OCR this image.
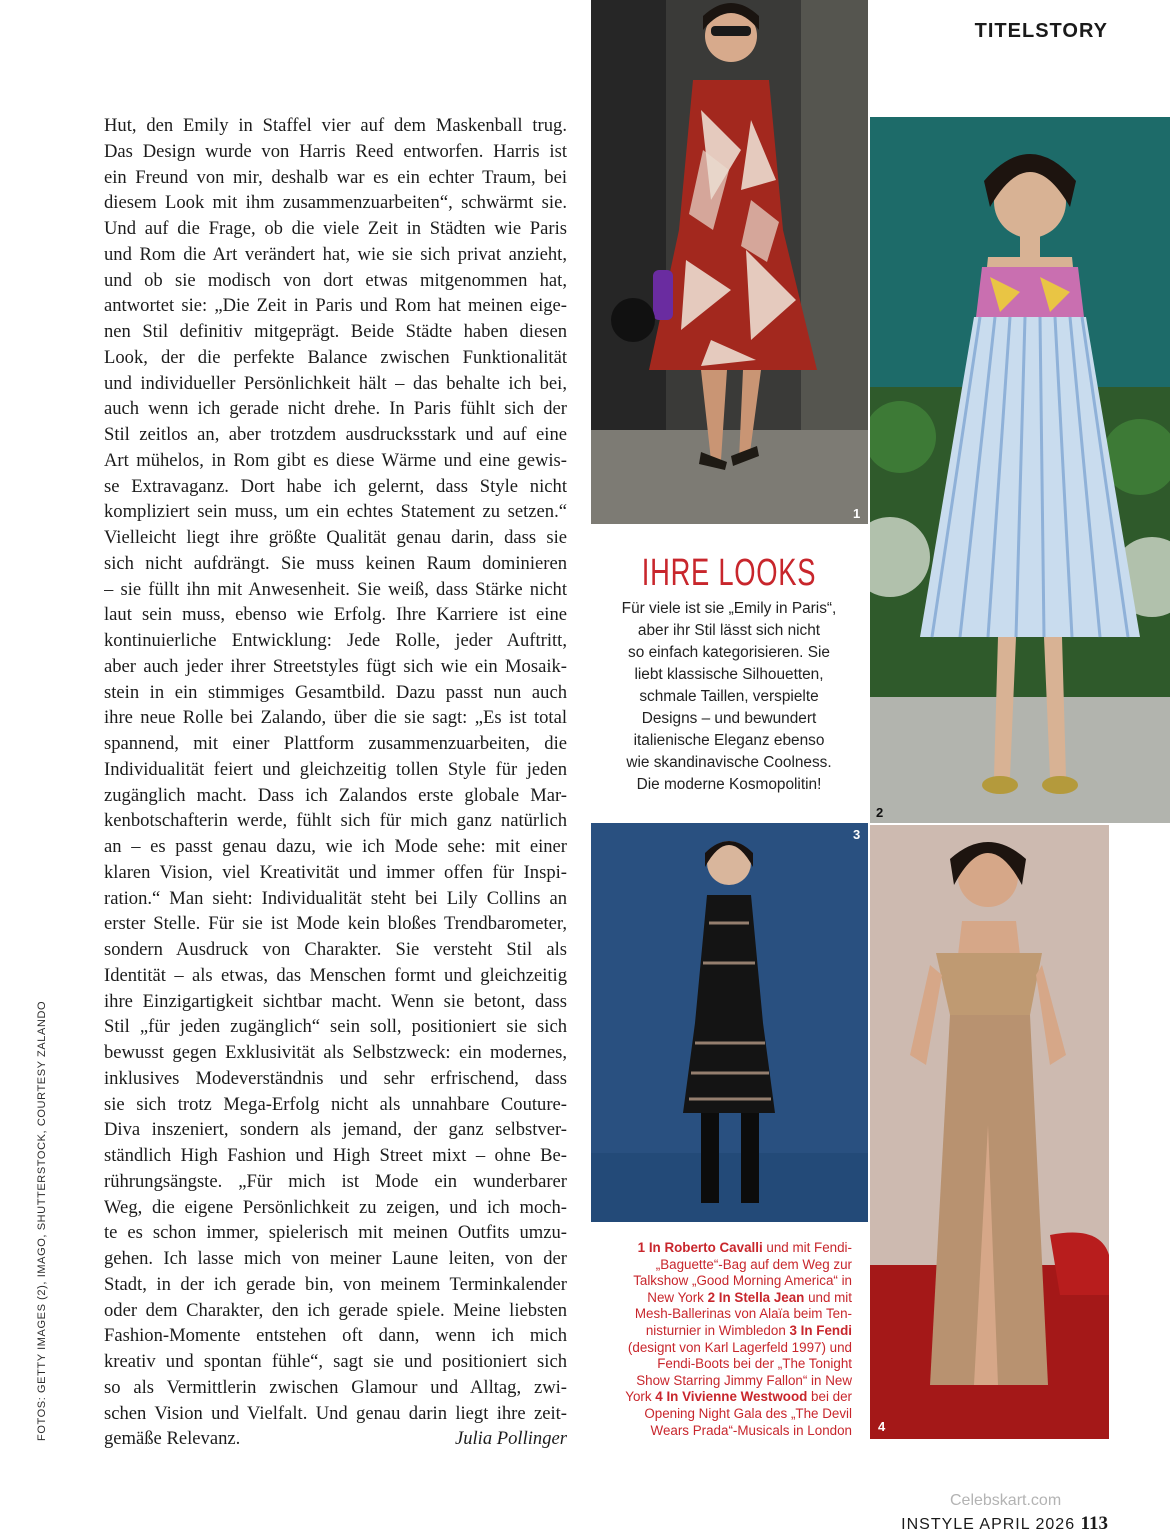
TITELSTORY
FOTOS: GETTY IMAGES (2), IMAGO, SHUTTERSTOCK, COURTESY ZALANDO
Hut, den Emily in Staffel vier auf dem Maskenball trug.
Das Design wurde von Harris Reed entworfen. Harris ist
ein Freund von mir, deshalb war es ein echter Traum, bei
diesem Look mit ihm zusammenzuarbeiten“, schwärmt sie.
Und auf die Frage, ob die viele Zeit in Städten wie Paris
und Rom die Art verändert hat, wie sie sich privat anzieht,
und ob sie modisch von dort etwas mitgenommen hat,
antwortet sie: „Die Zeit in Paris und Rom hat meinen eige-
nen Stil definitiv mitgeprägt. Beide Städte haben diesen
Look, der die perfekte Balance zwischen Funktionalität
und individueller Persönlichkeit hält – das behalte ich bei,
auch wenn ich gerade nicht drehe. In Paris fühlt sich der
Stil zeitlos an, aber trotzdem ausdrucksstark und auf eine
Art mühelos, in Rom gibt es diese Wärme und eine gewis-
se Extravaganz. Dort habe ich gelernt, dass Style nicht
kompliziert sein muss, um ein echtes Statement zu setzen.“
Vielleicht liegt ihre größte Qualität genau darin, dass sie
sich nicht aufdrängt. Sie muss keinen Raum dominieren
– sie füllt ihn mit Anwesenheit. Sie weiß, dass Stärke nicht
laut sein muss, ebenso wie Erfolg. Ihre Karriere ist eine
kontinuierliche Entwicklung: Jede Rolle, jeder Auftritt,
aber auch jeder ihrer Streetstyles fügt sich wie ein Mosaik-
stein in ein stimmiges Gesamtbild. Dazu passt nun auch
ihre neue Rolle bei Zalando, über die sie sagt: „Es ist total
spannend, mit einer Plattform zusammenzuarbeiten, die
Individualität feiert und gleichzeitig tollen Style für jeden
zugänglich macht. Dass ich Zalandos erste globale Mar-
kenbotschafterin werde, fühlt sich für mich ganz natürlich
an – es passt genau dazu, wie ich Mode sehe: mit einer
klaren Vision, viel Kreativität und immer offen für Inspi-
ration.“ Man sieht: Individualität steht bei Lily Collins an
erster Stelle. Für sie ist Mode kein bloßes Trendbarometer,
sondern Ausdruck von Charakter. Sie versteht Stil als
Identität – als etwas, das Menschen formt und gleichzeitig
ihre Einzigartigkeit sichtbar macht. Wenn sie betont, dass
Stil „für jeden zugänglich“ sein soll, positioniert sie sich
bewusst gegen Exklusivität als Selbstzweck: ein modernes,
inklusives Modeverständnis und sehr erfrischend, dass
sie sich trotz Mega-Erfolg nicht als unnahbare Couture-
Diva inszeniert, sondern als jemand, der ganz selbstver-
ständlich High Fashion und High Street mixt – ohne Be-
rührungsängste. „Für mich ist Mode ein wunderbarer
Weg, die eigene Persönlichkeit zu zeigen, und ich moch-
te es schon immer, spielerisch mit meinen Outfits umzu-
gehen. Ich lasse mich von meiner Laune leiten, von der
Stadt, in der ich gerade bin, von meinem Terminkalender
oder dem Charakter, den ich gerade spiele. Meine liebsten
Fashion-Momente entstehen oft dann, wenn ich mich
kreativ und spontan fühle“, sagt sie und positioniert sich
so als Vermittlerin zwischen Glamour und Alltag, zwi-
schen Vision und Vielfalt. Und genau darin liegt ihre zeit-
gemäße Relevanz.	Julia Pollinger
1
2
3
4
IHRE LOOKS
Für viele ist sie „Emily in Paris“,
aber ihr Stil lässt sich nicht
so einfach kategorisieren. Sie
liebt klassische Silhouetten,
schmale Taillen, verspielte
Designs – und bewundert
italienische Eleganz ebenso
wie skandinavische Coolness.
Die moderne Kosmopolitin!
1 In Roberto Cavalli und mit Fendi-
„Baguette“-Bag auf dem Weg zur
Talkshow „Good Morning America“ in
New York 2 In Stella Jean und mit
Mesh-Ballerinas von Alaïa beim Ten-
nisturnier in Wimbledon 3 In Fendi
(designt von Karl Lagerfeld 1997) und
Fendi-Boots bei der „The Tonight
Show Starring Jimmy Fallon“ in New
York 4 In Vivienne Westwood bei der
Opening Night Gala des „The Devil
Wears Prada“-Musicals in London
Celebskart.com
INSTYLE APRIL 2026 113
